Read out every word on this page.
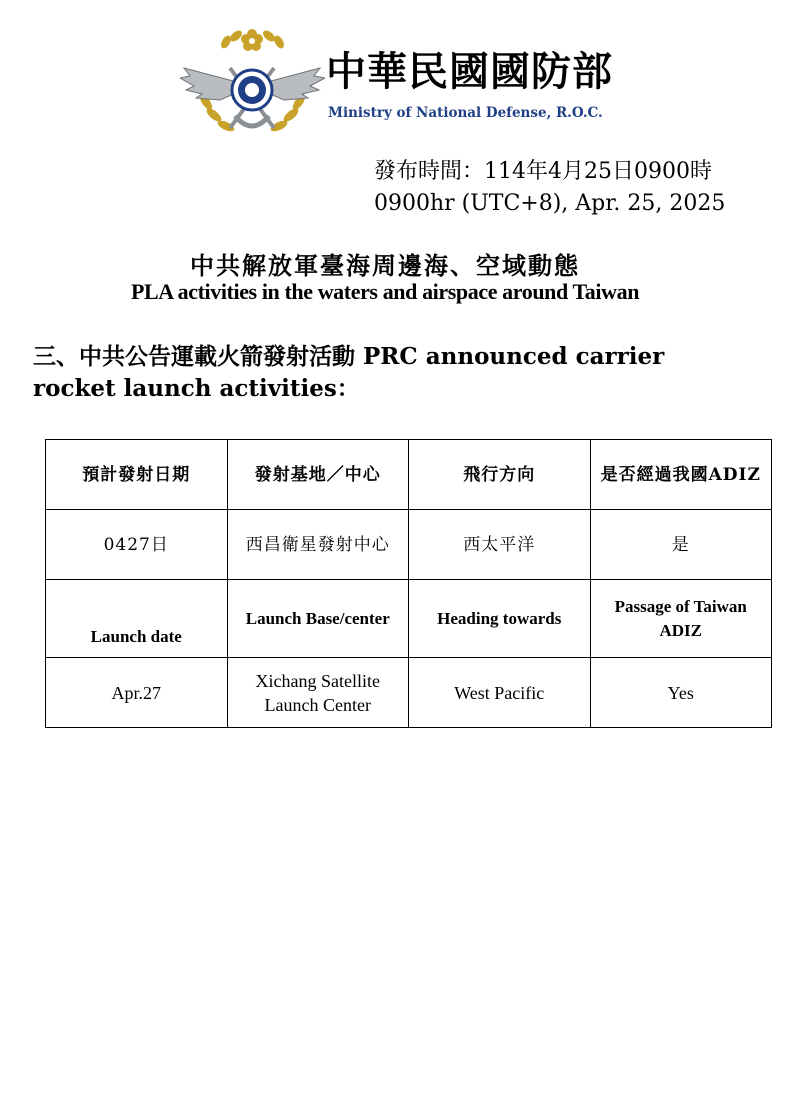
中華民國國防部
Ministry of National Defense, R.O.C.
發布時間：114年4月25日0900時
0900hr (UTC+8), Apr. 25, 2025
中共解放軍臺海周邊海、空域動態
PLA activities in the waters and airspace around Taiwan
三、中共公告運載火箭發射活動 PRC announced carrier rocket launch activities：
預計發射日期	發射基地／中心	飛行方向	是否經過我國ADIZ
0427日	西昌衛星發射中心	西太平洋	是
Launch date	Launch Base/center	Heading towards	Passage of Taiwan ADIZ
Apr.27	Xichang Satellite Launch Center	West Pacific	Yes
